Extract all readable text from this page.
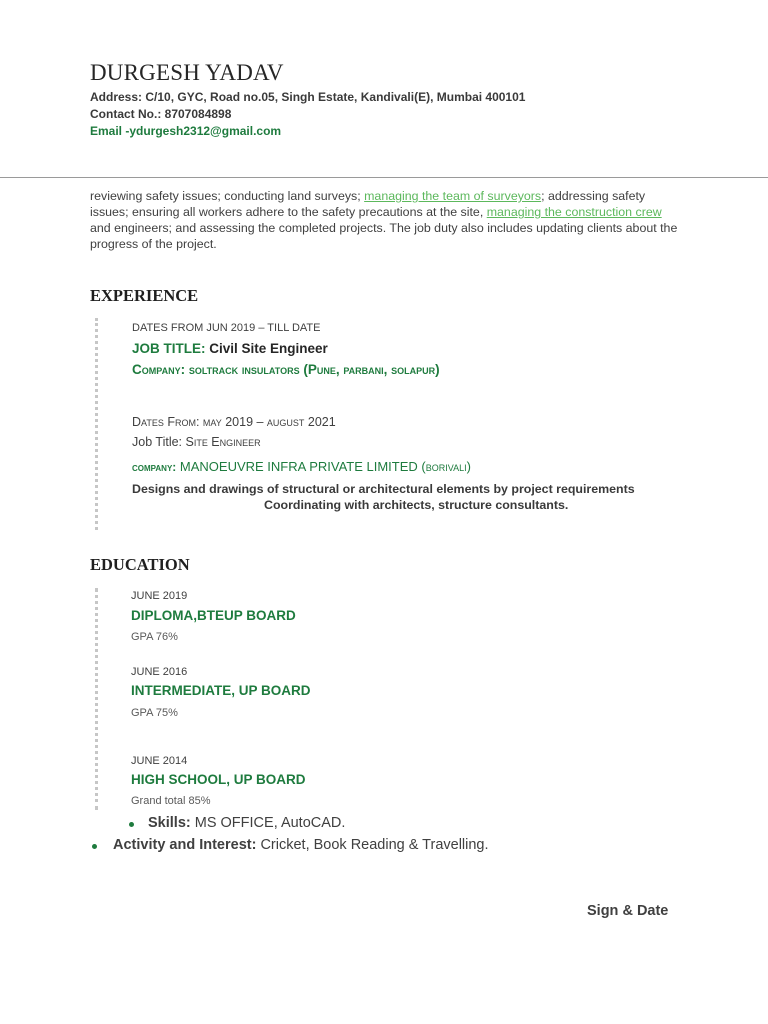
DURGESH YADAV
Address: C/10, GYC, Road no.05, Singh Estate, Kandivali(E), Mumbai 400101
Contact No.: 8707084898
Email -ydurgesh2312@gmail.com
reviewing safety issues; conducting land surveys; managing the team of surveyors; addressing safety issues; ensuring all workers adhere to the safety precautions at the site, managing the construction crew and engineers; and assessing the completed projects. The job duty also includes updating clients about the progress of the project.
EXPERIENCE
DATES FROM JUN 2019 – TILL DATE
JOB TITLE: Civil Site Engineer
Company: soltrack insulators (Pune, parbani, solapur)
Dates From: may 2019 – august 2021
Job Title: Site Engineer
company: MANOEUVRE INFRA PRIVATE LIMITED (borivali)
Designs and drawings of structural or architectural elements by project requirementsCoordinating with architects, structure consultants.
EDUCATION
JUNE 2019
DIPLOMA,BTEUP BOARD
GPA 76%
JUNE 2016
INTERMEDIATE, UP BOARD
GPA 75%
JUNE 2014
HIGH SCHOOL, UP BOARD
Grand total 85%
Skills: MS OFFICE, AutoCAD.
Activity and Interest: Cricket, Book Reading & Travelling.
Sign & Date
